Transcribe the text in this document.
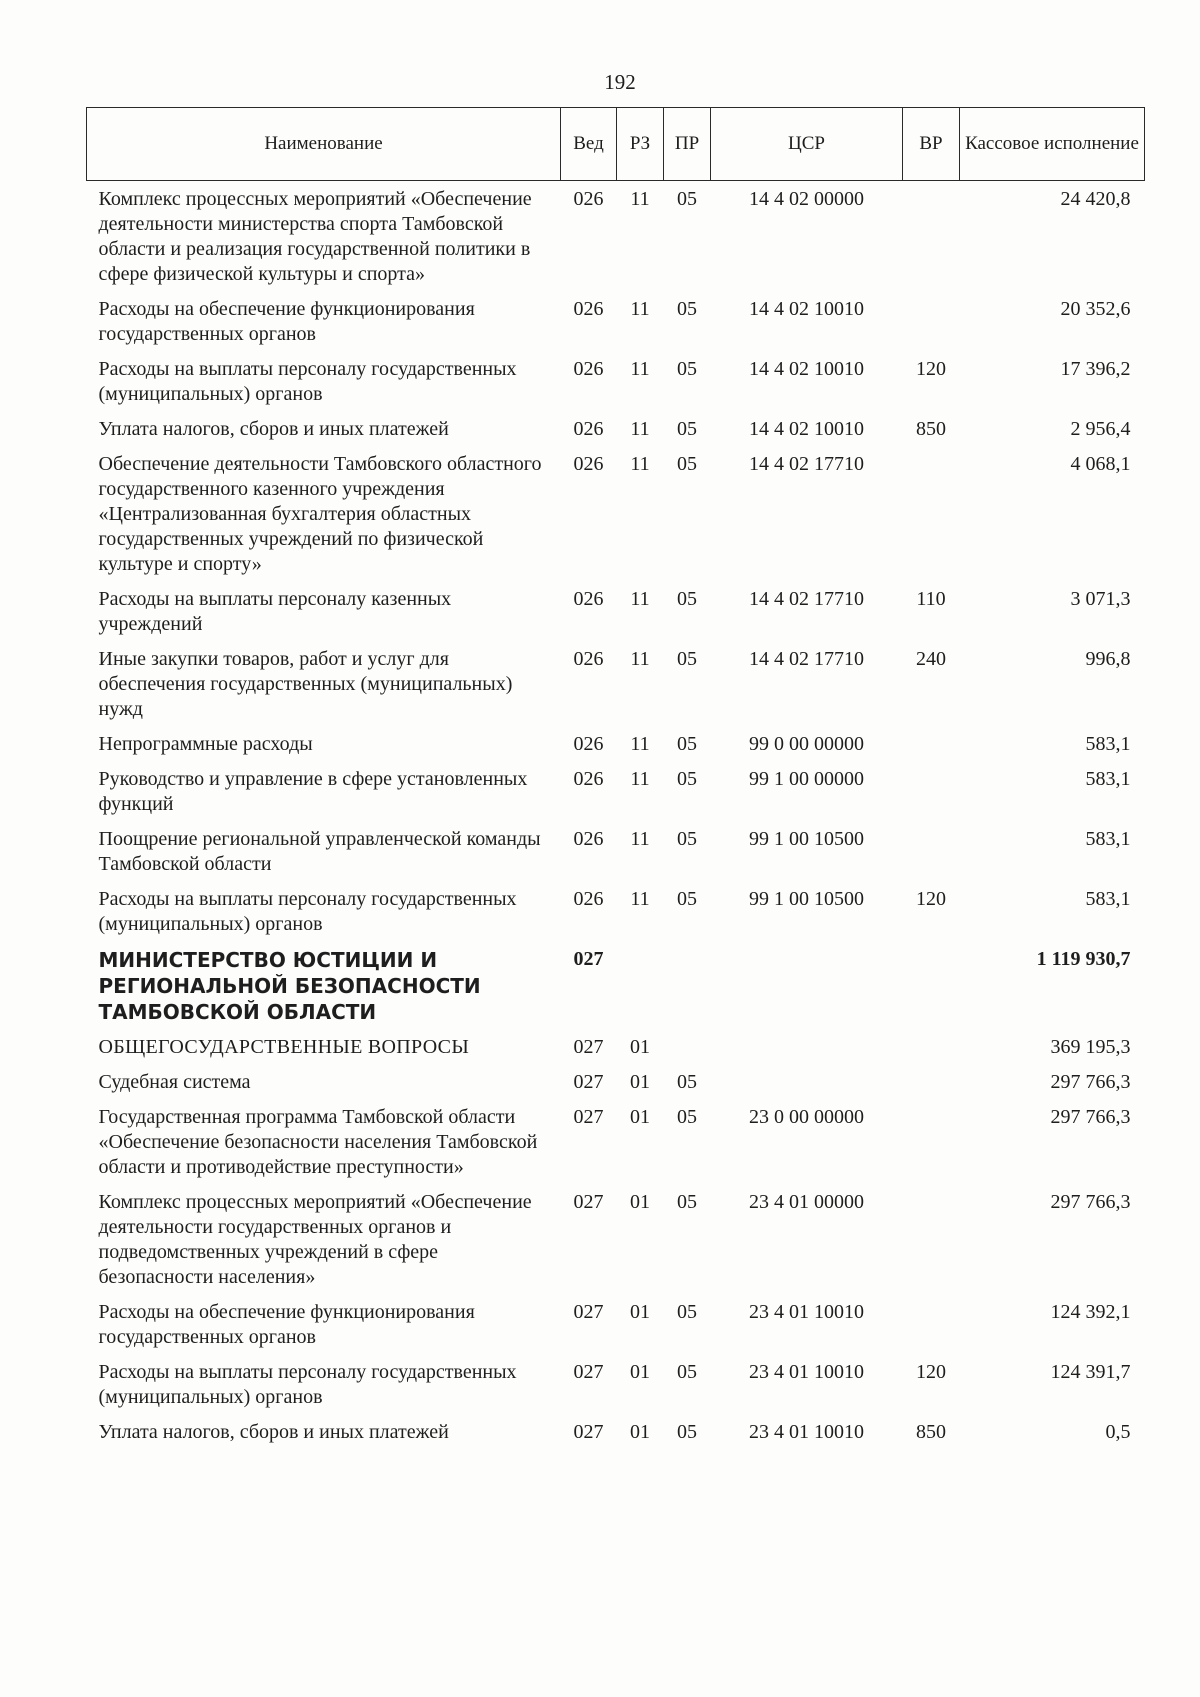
192
Наименование	Вед	РЗ	ПР	ЦСР	ВР	Кассовое исполнение
Комплекс процессных мероприятий «Обеспечение деятельности министерства спорта Тамбовской области и реализация государственной политики в сфере физической культуры и спорта»	026	11	05	14 4 02 00000		24 420,8
Расходы на обеспечение функционирования государственных органов	026	11	05	14 4 02 10010		20 352,6
Расходы на выплаты персоналу государственных (муниципальных) органов	026	11	05	14 4 02 10010	120	17 396,2
Уплата налогов, сборов и иных платежей	026	11	05	14 4 02 10010	850	2 956,4
Обеспечение деятельности Тамбовского областного государственного казенного учреждения «Централизованная бухгалтерия областных государственных учреждений по физической культуре и спорту»	026	11	05	14 4 02 17710		4 068,1
Расходы на выплаты персоналу казенных учреждений	026	11	05	14 4 02 17710	110	3 071,3
Иные закупки товаров, работ и услуг для обеспечения государственных (муниципальных) нужд	026	11	05	14 4 02 17710	240	996,8
Непрограммные расходы	026	11	05	99 0 00 00000		583,1
Руководство и управление в сфере установленных функций	026	11	05	99 1 00 00000		583,1
Поощрение региональной управленческой команды Тамбовской области	026	11	05	99 1 00 10500		583,1
Расходы на выплаты персоналу государственных (муниципальных) органов	026	11	05	99 1 00 10500	120	583,1
МИНИСТЕРСТВО ЮСТИЦИИ И РЕГИОНАЛЬНОЙ БЕЗОПАСНОСТИ ТАМБОВСКОЙ ОБЛАСТИ	027					1 119 930,7
ОБЩЕГОСУДАРСТВЕННЫЕ ВОПРОСЫ	027	01				369 195,3
Судебная система	027	01	05			297 766,3
Государственная программа Тамбовской области «Обеспечение безопасности населения Тамбовской области и противодействие преступности»	027	01	05	23 0 00 00000		297 766,3
Комплекс процессных мероприятий «Обеспечение деятельности государственных органов и подведомственных учреждений в сфере безопасности населения»	027	01	05	23 4 01 00000		297 766,3
Расходы на обеспечение функционирования государственных органов	027	01	05	23 4 01 10010		124 392,1
Расходы на выплаты персоналу государственных (муниципальных) органов	027	01	05	23 4 01 10010	120	124 391,7
Уплата налогов, сборов и иных платежей	027	01	05	23 4 01 10010	850	0,5
